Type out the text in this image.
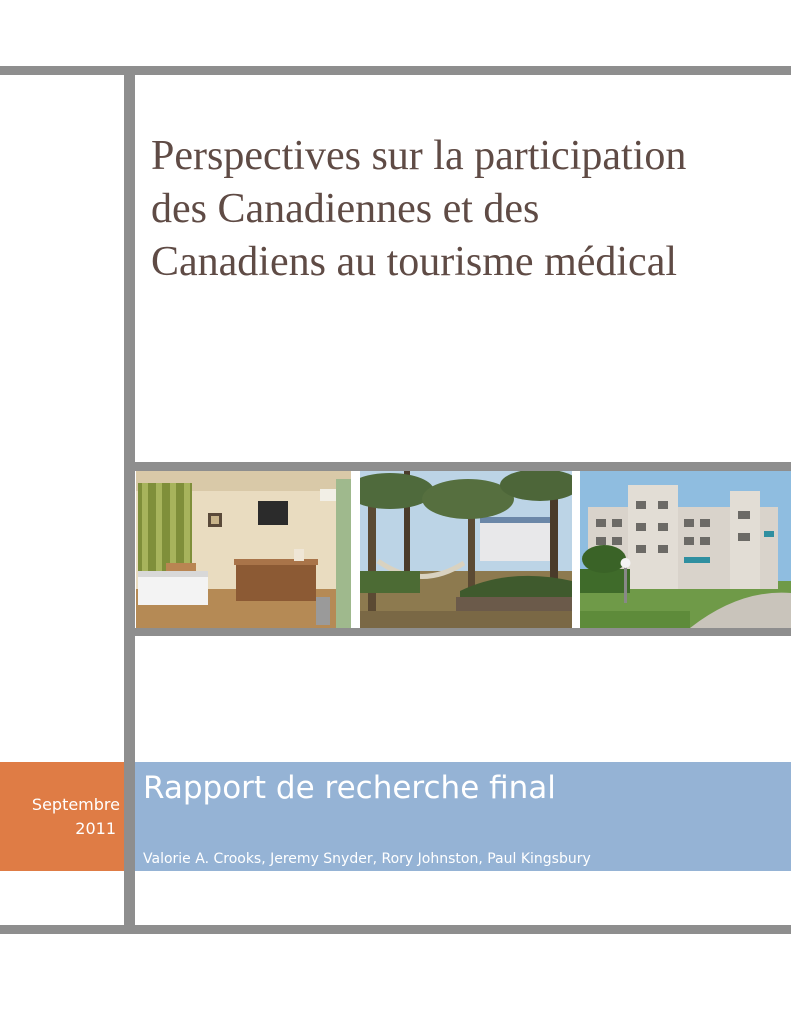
Perspectives sur la participation des Canadiennes et des Canadiens au tourisme médical
Septembre
2011
Rapport de recherche final
Valorie A. Crooks, Jeremy Snyder, Rory Johnston, Paul Kingsbury
